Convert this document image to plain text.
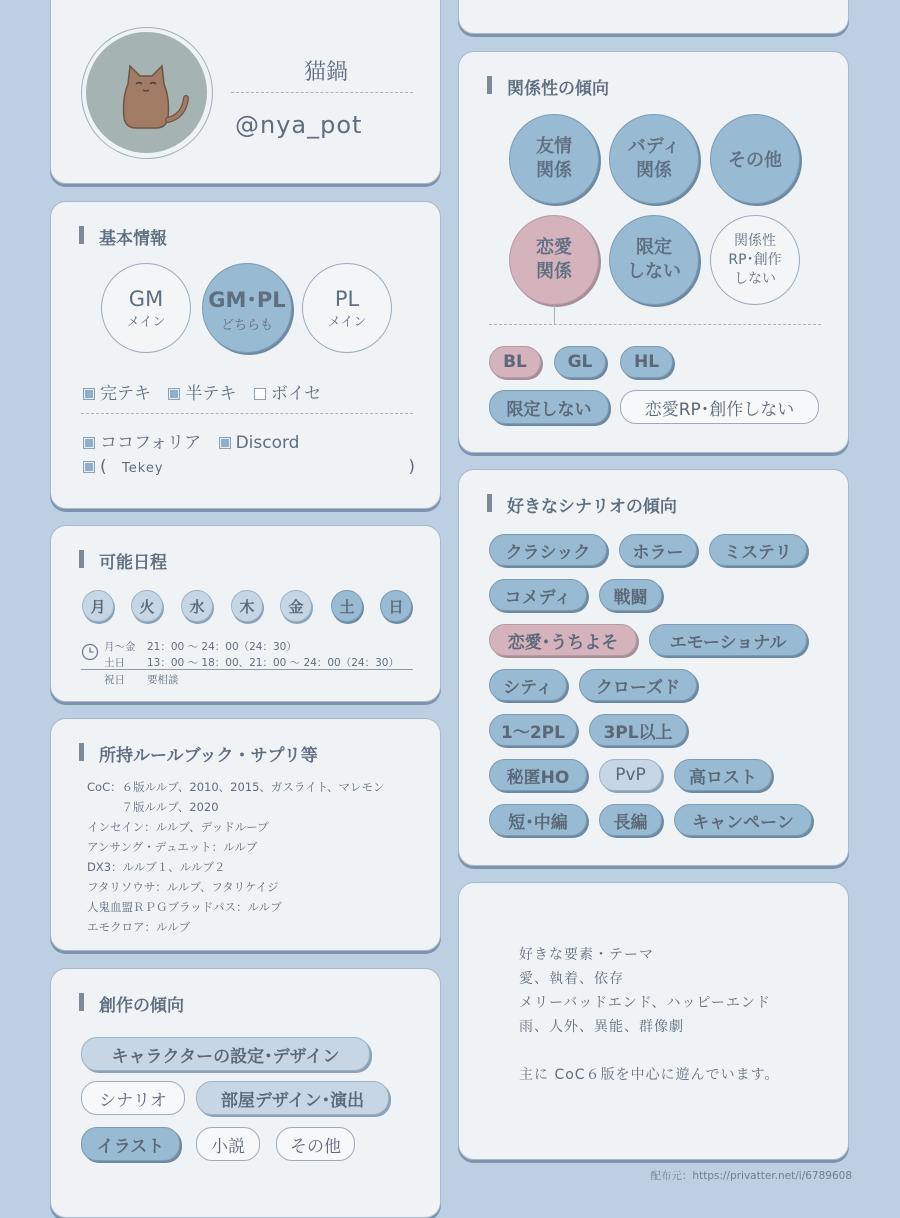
猫鍋
@nya_pot
基本情報
GM
メイン
GM･PL
どちらも
PL
メイン
完テキ 半テキ ボイセ
ココフォリア Discord
( Tekey	)
可能日程
月	火	水	木	金	土	日
月～金 21：00 ～ 24：00（24：30）
土日 13：00 ～ 18：00、21：00 ～ 24：00（24：30）
祝日 要相談
所持ルールブック・サプリ等
CoC：６版ルルブ、2010、2015、ガスライト、マレモン
　　　７版ルルブ、2020
インセイン：ルルブ、デッドループ
アンサング・デュエット：ルルブ
DX3：ルルブ１、ルルブ２
フタリソウサ：ルルブ、フタリケイジ
人鬼血盟ＲＰＧブラッドパス：ルルブ
エモクロア：ルルブ
創作の傾向
キャラクターの設定･デザイン
シナリオ	部屋デザイン･演出
イラスト	小説	その他
関係性の傾向
友情
関係
バディ
関係	その他
恋愛
関係
限定
しない
関係性
RP･創作
しない
BL	GL	HL
限定しない	恋愛RP･創作しない
好きなシナリオの傾向
クラシック	ホラー	ミステリ
コメディ	戦闘
恋愛･うちよそ	エモーショナル
シティ	クローズド
1〜2PL	3PL以上
秘匿HO	PvP	高ロスト
短･中編	長編	キャンペーン
好きな要素・テーマ
愛、執着、依存
メリーバッドエンド、ハッピーエンド
雨、人外、異能、群像劇
主に CoC６版を中心に遊んでいます。
配布元：https://privatter.net/i/6789608
